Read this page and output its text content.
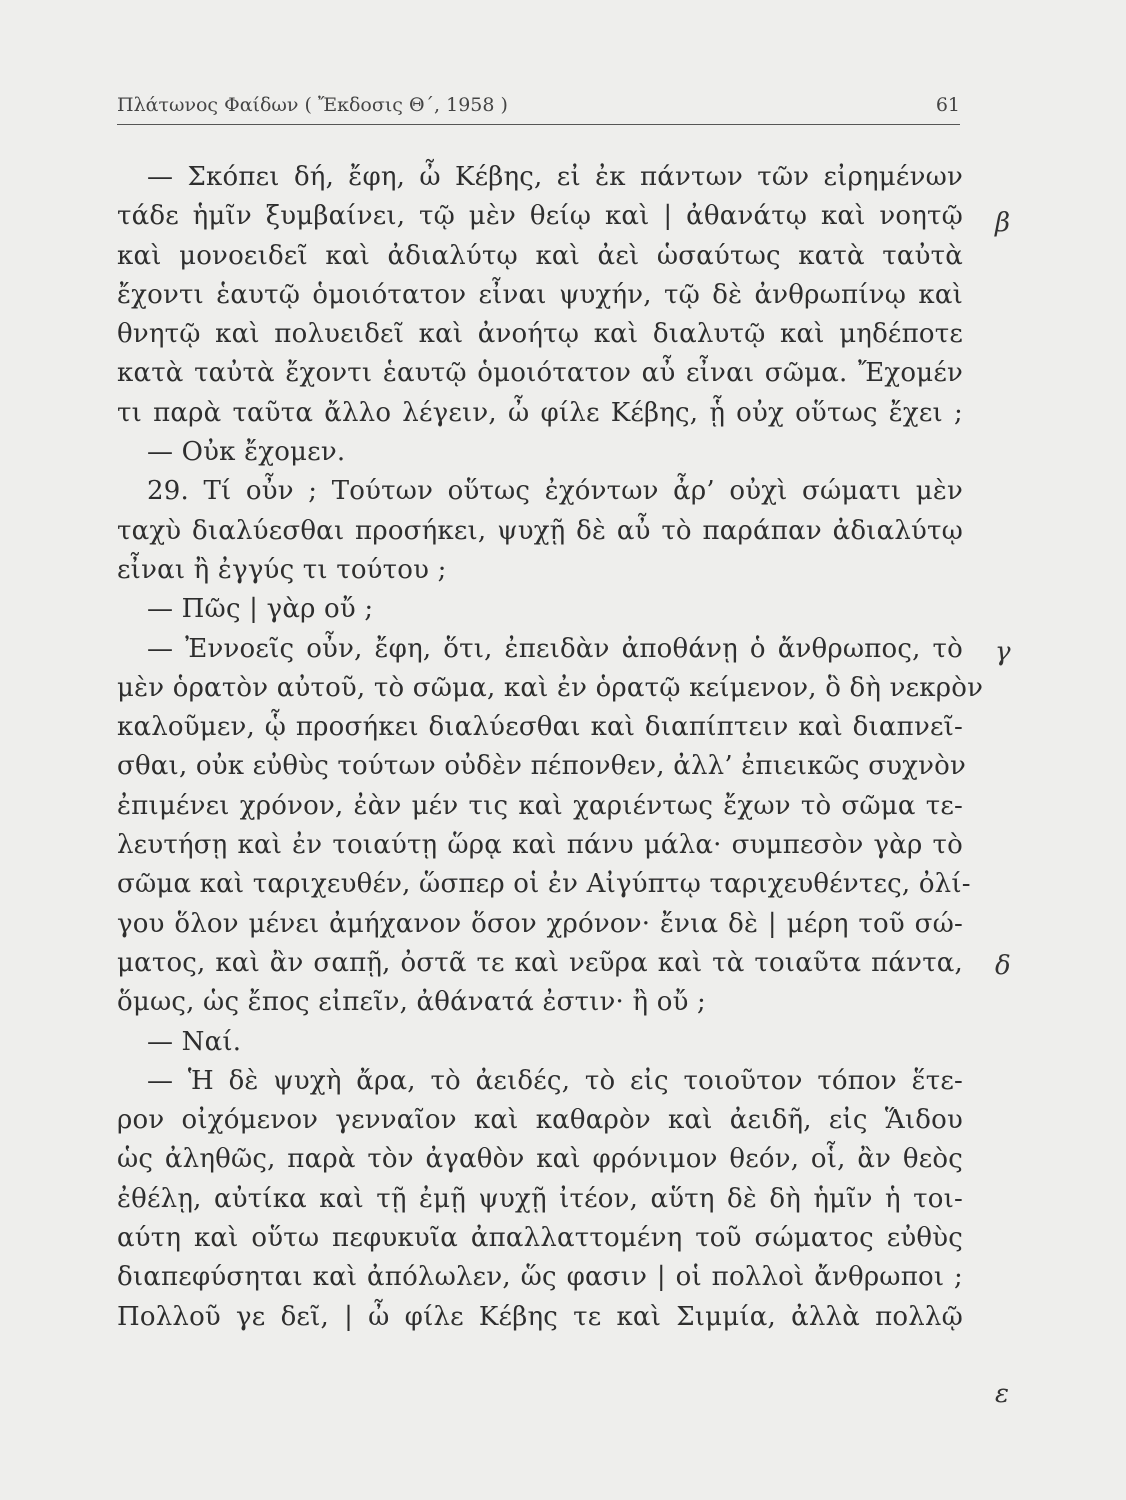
Πλάτωνος Φαίδων ( Ἔκδοσις Θ΄, 1958 )	61
— Σκόπει δή, ἔφη, ὦ Κέβης, εἰ ἐκ πάντων τῶν εἰρημένων
τάδε ἡμῖν ξυμβαίνει, τῷ μὲν θείῳ καὶ | ἀθανάτῳ καὶ νοητῷ
καὶ μονοειδεῖ καὶ ἀδιαλύτῳ καὶ ἀεὶ ὡσαύτως κατὰ ταὐτὰ
ἔχοντι ἑαυτῷ ὁμοιότατον εἶναι ψυχήν, τῷ δὲ ἀνθρωπίνῳ καὶ
θνητῷ καὶ πολυειδεῖ καὶ ἀνοήτῳ καὶ διαλυτῷ καὶ μηδέποτε
κατὰ ταὐτὰ ἔχοντι ἑαυτῷ ὁμοιότατον αὖ εἶναι σῶμα. Ἔχομέν
τι παρὰ ταῦτα ἄλλο λέγειν, ὦ φίλε Κέβης, ᾗ οὐχ οὕτως ἔχει ;
— Οὐκ ἔχομεν.
29. Τί οὖν ; Τούτων οὕτως ἐχόντων ἆρ’ οὐχὶ σώματι μὲν
ταχὺ διαλύεσθαι προσήκει, ψυχῇ δὲ αὖ τὸ παράπαν ἀδιαλύτῳ
εἶναι ἢ ἐγγύς τι τούτου ;
— Πῶς | γὰρ οὔ ;
— Ἐννοεῖς οὖν, ἔφη, ὅτι, ἐπειδὰν ἀποθάνῃ ὁ ἄνθρωπος, τὸ
μὲν ὁρατὸν αὐτοῦ, τὸ σῶμα, καὶ ἐν ὁρατῷ κείμενον, ὃ δὴ νεκρὸν
καλοῦμεν, ᾧ προσήκει διαλύεσθαι καὶ διαπίπτειν καὶ διαπνεῖ-
σθαι, οὐκ εὐθὺς τούτων οὐδὲν πέπονθεν, ἀλλ’ ἐπιεικῶς συχνὸν
ἐπιμένει χρόνον, ἐὰν μέν τις καὶ χαριέντως ἔχων τὸ σῶμα τε-
λευτήσῃ καὶ ἐν τοιαύτῃ ὥρᾳ καὶ πάνυ μάλα· συμπεσὸν γὰρ τὸ
σῶμα καὶ ταριχευθέν, ὥσπερ οἱ ἐν Αἰγύπτῳ ταριχευθέντες, ὀλί-
γου ὅλον μένει ἀμήχανον ὅσον χρόνον· ἔνια δὲ | μέρη τοῦ σώ-
ματος, καὶ ἂν σαπῇ, ὀστᾶ τε καὶ νεῦρα καὶ τὰ τοιαῦτα πάντα,
ὅμως, ὡς ἔπος εἰπεῖν, ἀθάνατά ἐστιν· ἢ οὔ ;
— Ναί.
— Ἡ δὲ ψυχὴ ἄρα, τὸ ἀειδές, τὸ εἰς τοιοῦτον τόπον ἕτε-
ρον οἰχόμενον γενναῖον καὶ καθαρὸν καὶ ἀειδῆ, εἰς Ἅιδου
ὡς ἀληθῶς, παρὰ τὸν ἀγαθὸν καὶ φρόνιμον θεόν, οἷ, ἂν θεὸς
ἐθέλῃ, αὐτίκα καὶ τῇ ἐμῇ ψυχῇ ἰτέον, αὕτη δὲ δὴ ἡμῖν ἡ τοι-
αύτη καὶ οὕτω πεφυκυῖα ἀπαλλαττομένη τοῦ σώματος εὐθὺς
διαπεφύσηται καὶ ἀπόλωλεν, ὥς φασιν | οἱ πολλοὶ ἄνθρωποι ;
Πολλοῦ γε δεῖ, | ὦ φίλε Κέβης τε καὶ Σιμμία, ἀλλὰ πολλῷ
β
γ
δ
ε
